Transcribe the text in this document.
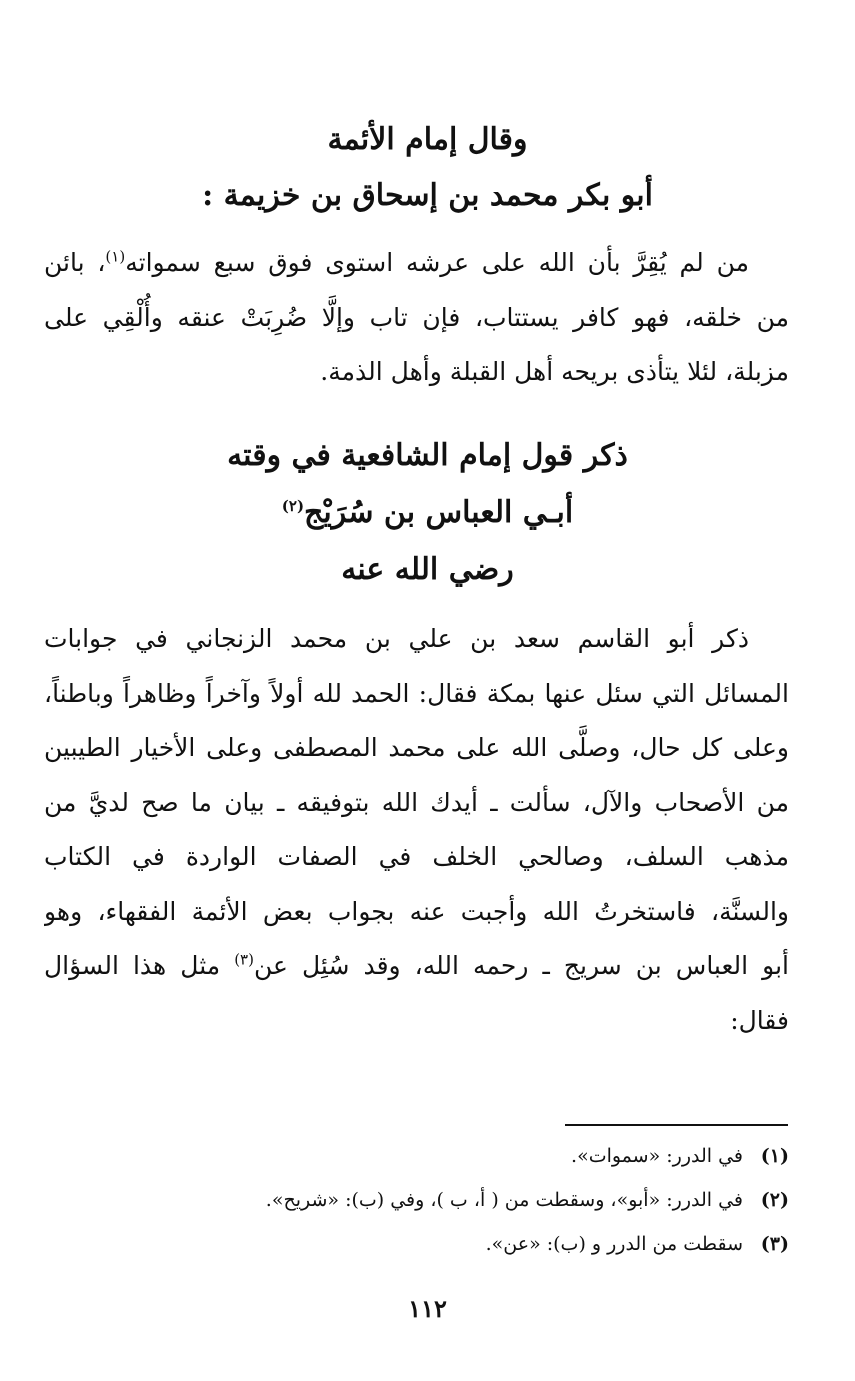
وقال إمام الأئمة
أبو بكر محمد بن إسحاق بن خزيمة :
من لم يُقِرَّ بأن الله على عرشه استوى فوق سبع سمواته$^{(١)}$، بائن
من خلقه، فهو كافر يستتاب، فإن تاب وإلَّا ضُرِبَتْ عنقه وأُلْقِي على
مزبلة، لئلا يتأذى بريحه أهل القبلة وأهل الذمة.
ذكر قول إمام الشافعية في وقته
أبـي العباس بن سُرَيْج$^{(٢)}$
رضي الله عنه
ذكر أبو القاسم سعد بن علي بن محمد الزنجاني في جوابات
المسائل التي سئل عنها بمكة فقال: الحمد لله أولاً وآخراً وظاهراً وباطناً،
وعلى كل حال، وصلَّى الله على محمد المصطفى وعلى الأخيار الطيبين
من الأصحاب والآل، سألت ـ أيدك الله بتوفيقه ـ بيان ما صح لديَّ من
مذهب السلف، وصالحي الخلف في الصفات الواردة في الكتاب
والسنَّة، فاستخرتُ الله وأجبت عنه بجواب بعض الأئمة الفقهاء، وهو
أبو العباس بن سريج ـ رحمه الله، وقد سُئِل عن$^{(٣)}$ مثل هذا السؤال
فقال:
(١)
في الدرر: «سموات».
(٢)
في الدرر: «أبو»، وسقطت من ( أ، ب )، وفي (ب): «شريح».
(٣)
سقطت من الدرر و (ب): «عن».
١١٢
